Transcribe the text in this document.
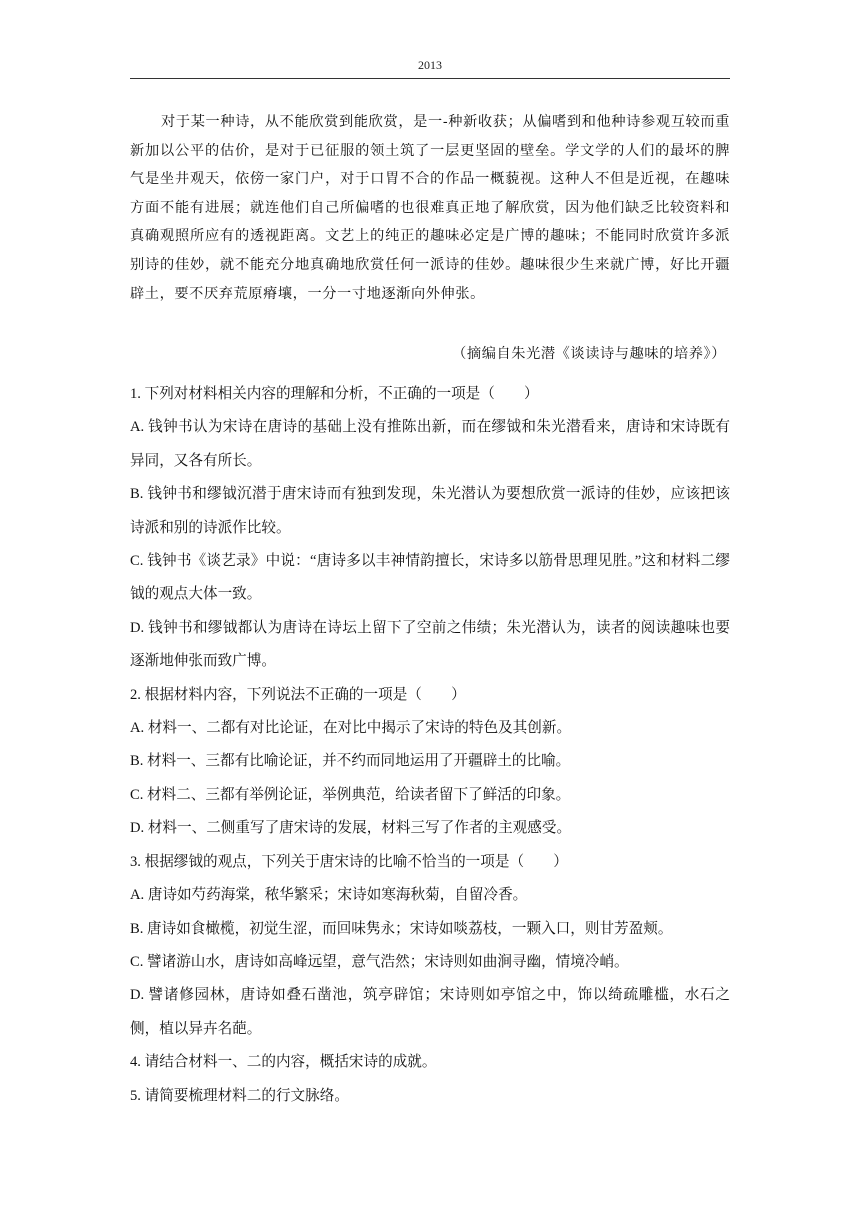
2013
对于某一种诗，从不能欣赏到能欣赏，是一-种新收获；从偏嗜到和他种诗参观互较而重新加以公平的估价，是对于已征服的领土筑了一层更坚固的壁垒。学文学的人们的最坏的脾气是坐井观天，依傍一家门户，对于口胃不合的作品一概藐视。这种人不但是近视，在趣味方面不能有进展；就连他们自己所偏嗜的也很难真正地了解欣赏，因为他们缺乏比较资料和真确观照所应有的透视距离。文艺上的纯正的趣味必定是广博的趣味；不能同时欣赏许多派别诗的佳妙，就不能充分地真确地欣赏任何一派诗的佳妙。趣味很少生来就广博，好比开疆辟土，要不厌弃荒原瘠壤，一分一寸地逐渐向外伸张。
（摘编自朱光潜《谈读诗与趣味的培养》）

1. 下列对材料相关内容的理解和分析，不正确的一项是（　　）
A. 钱钟书认为宋诗在唐诗的基础上没有推陈出新，而在缪钺和朱光潜看来，唐诗和宋诗既有异同，又各有所长。
B. 钱钟书和缪钺沉潜于唐宋诗而有独到发现，朱光潜认为要想欣赏一派诗的佳妙，应该把该诗派和别的诗派作比较。
C. 钱钟书《谈艺录》中说：“唐诗多以丰神情韵擅长，宋诗多以筋骨思理见胜。”这和材料二缪钺的观点大体一致。
D. 钱钟书和缪钺都认为唐诗在诗坛上留下了空前之伟绩；朱光潜认为，读者的阅读趣味也要逐渐地伸张而致广博。

2. 根据材料内容，下列说法不正确的一项是（　　）
A. 材料一、二都有对比论证，在对比中揭示了宋诗的特色及其创新。
B. 材料一、三都有比喻论证，并不约而同地运用了开疆辟土的比喻。
C. 材料二、三都有举例论证，举例典范，给读者留下了鲜活的印象。
D. 材料一、二侧重写了唐宋诗的发展，材料三写了作者的主观感受。

3. 根据缪钺的观点，下列关于唐宋诗的比喻不恰当的一项是（　　）
A. 唐诗如芍药海棠，秾华繁采；宋诗如寒海秋菊，自留冷香。
B. 唐诗如食橄榄，初觉生涩，而回味隽永；宋诗如啖荔枝，一颗入口，则甘芳盈颊。
C. 譬诸游山水，唐诗如高峰远望，意气浩然；宋诗则如曲涧寻幽，情境冷峭。
D. 譬诸修园林，唐诗如叠石凿池，筑亭辟馆；宋诗则如亭馆之中，饰以绮疏雕槛，水石之侧，植以异卉名葩。

4. 请结合材料一、二的内容，概括宋诗的成就。

5. 请简要梳理材料二的行文脉络。
